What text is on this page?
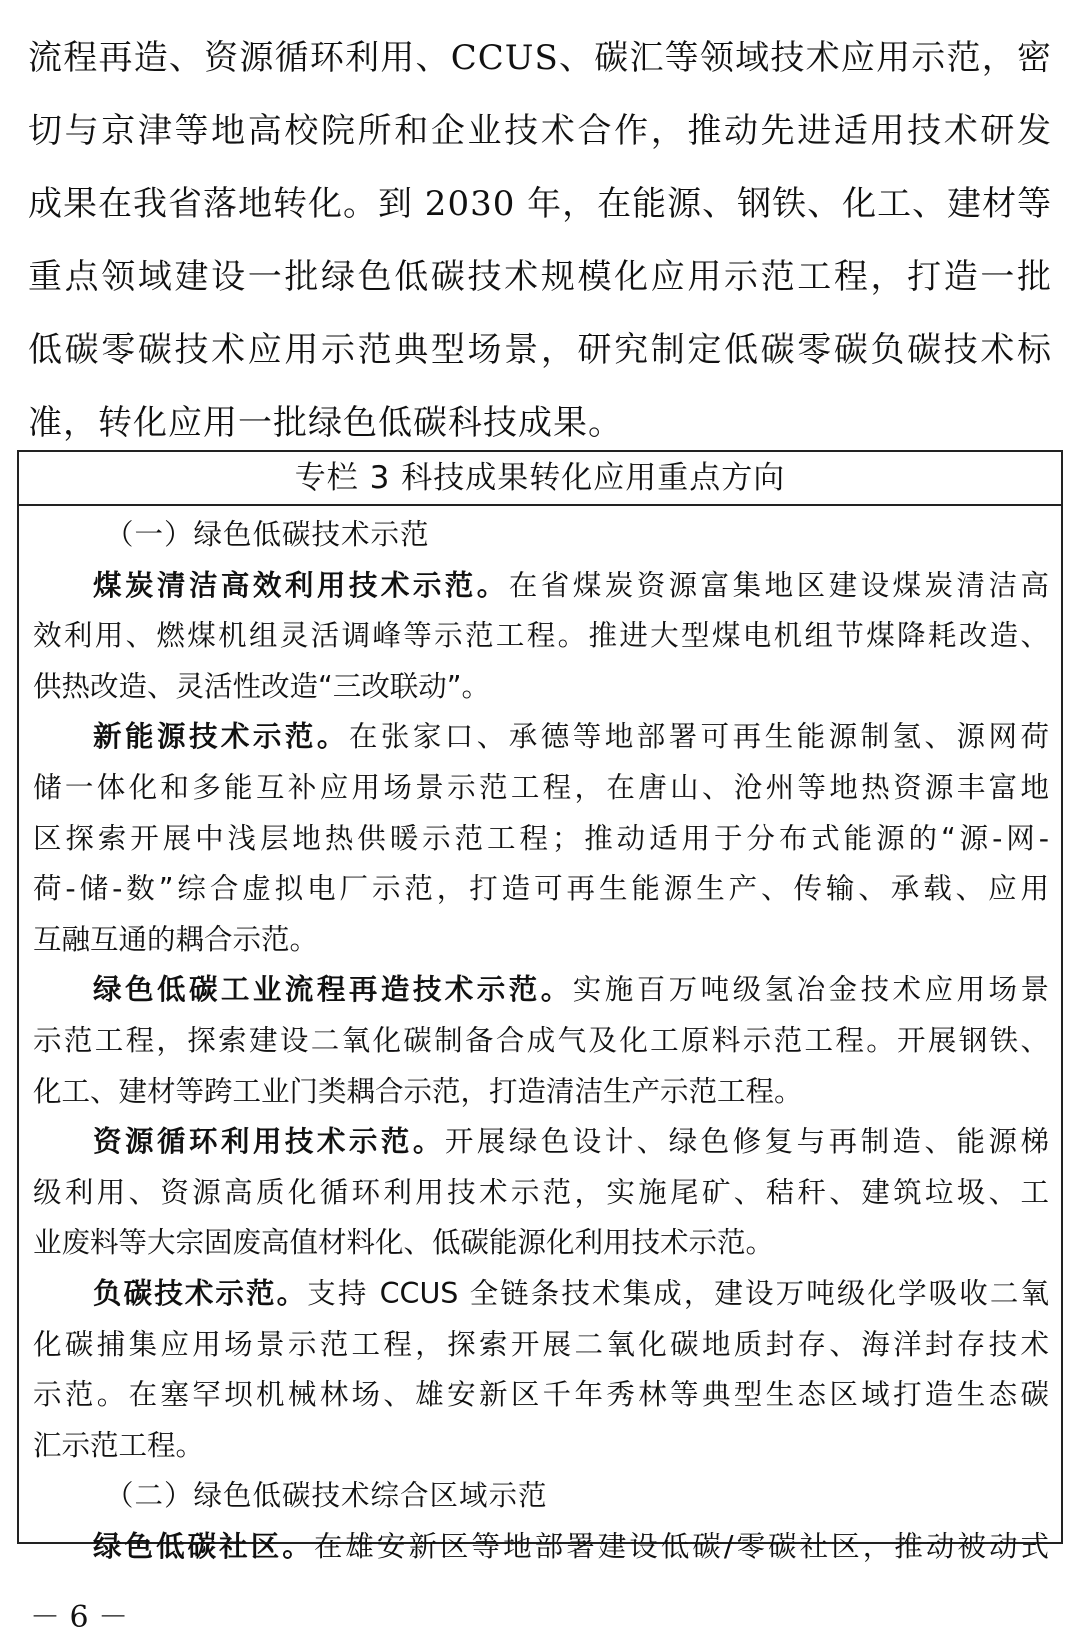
流程再造、资源循环利用、CCUS、碳汇等领域技术应用示范，密
切与京津等地高校院所和企业技术合作，推动先进适用技术研发
成果在我省落地转化。到 2030 年，在能源、钢铁、化工、建材等
重点领域建设一批绿色低碳技术规模化应用示范工程，打造一批
低碳零碳技术应用示范典型场景，研究制定低碳零碳负碳技术标
准，转化应用一批绿色低碳科技成果。
专栏 3 科技成果转化应用重点方向
（一）绿色低碳技术示范
煤炭清洁高效利用技术示范。在省煤炭资源富集地区建设煤炭清洁高
效利用、燃煤机组灵活调峰等示范工程。推进大型煤电机组节煤降耗改造、
供热改造、灵活性改造“三改联动”。
新能源技术示范。在张家口、承德等地部署可再生能源制氢、源网荷
储一体化和多能互补应用场景示范工程，在唐山、沧州等地热资源丰富地
区探索开展中浅层地热供暖示范工程；推动适用于分布式能源的“源-网-
荷-储-数”综合虚拟电厂示范，打造可再生能源生产、传输、承载、应用
互融互通的耦合示范。
绿色低碳工业流程再造技术示范。实施百万吨级氢冶金技术应用场景
示范工程，探索建设二氧化碳制备合成气及化工原料示范工程。开展钢铁、
化工、建材等跨工业门类耦合示范，打造清洁生产示范工程。
资源循环利用技术示范。开展绿色设计、绿色修复与再制造、能源梯
级利用、资源高质化循环利用技术示范，实施尾矿、秸秆、建筑垃圾、工
业废料等大宗固废高值材料化、低碳能源化利用技术示范。
负碳技术示范。支持 CCUS 全链条技术集成，建设万吨级化学吸收二氧
化碳捕集应用场景示范工程，探索开展二氧化碳地质封存、海洋封存技术
示范。在塞罕坝机械林场、雄安新区千年秀林等典型生态区域打造生态碳
汇示范工程。
（二）绿色低碳技术综合区域示范
绿色低碳社区。在雄安新区等地部署建设低碳/零碳社区，推动被动式
－ 6 －
